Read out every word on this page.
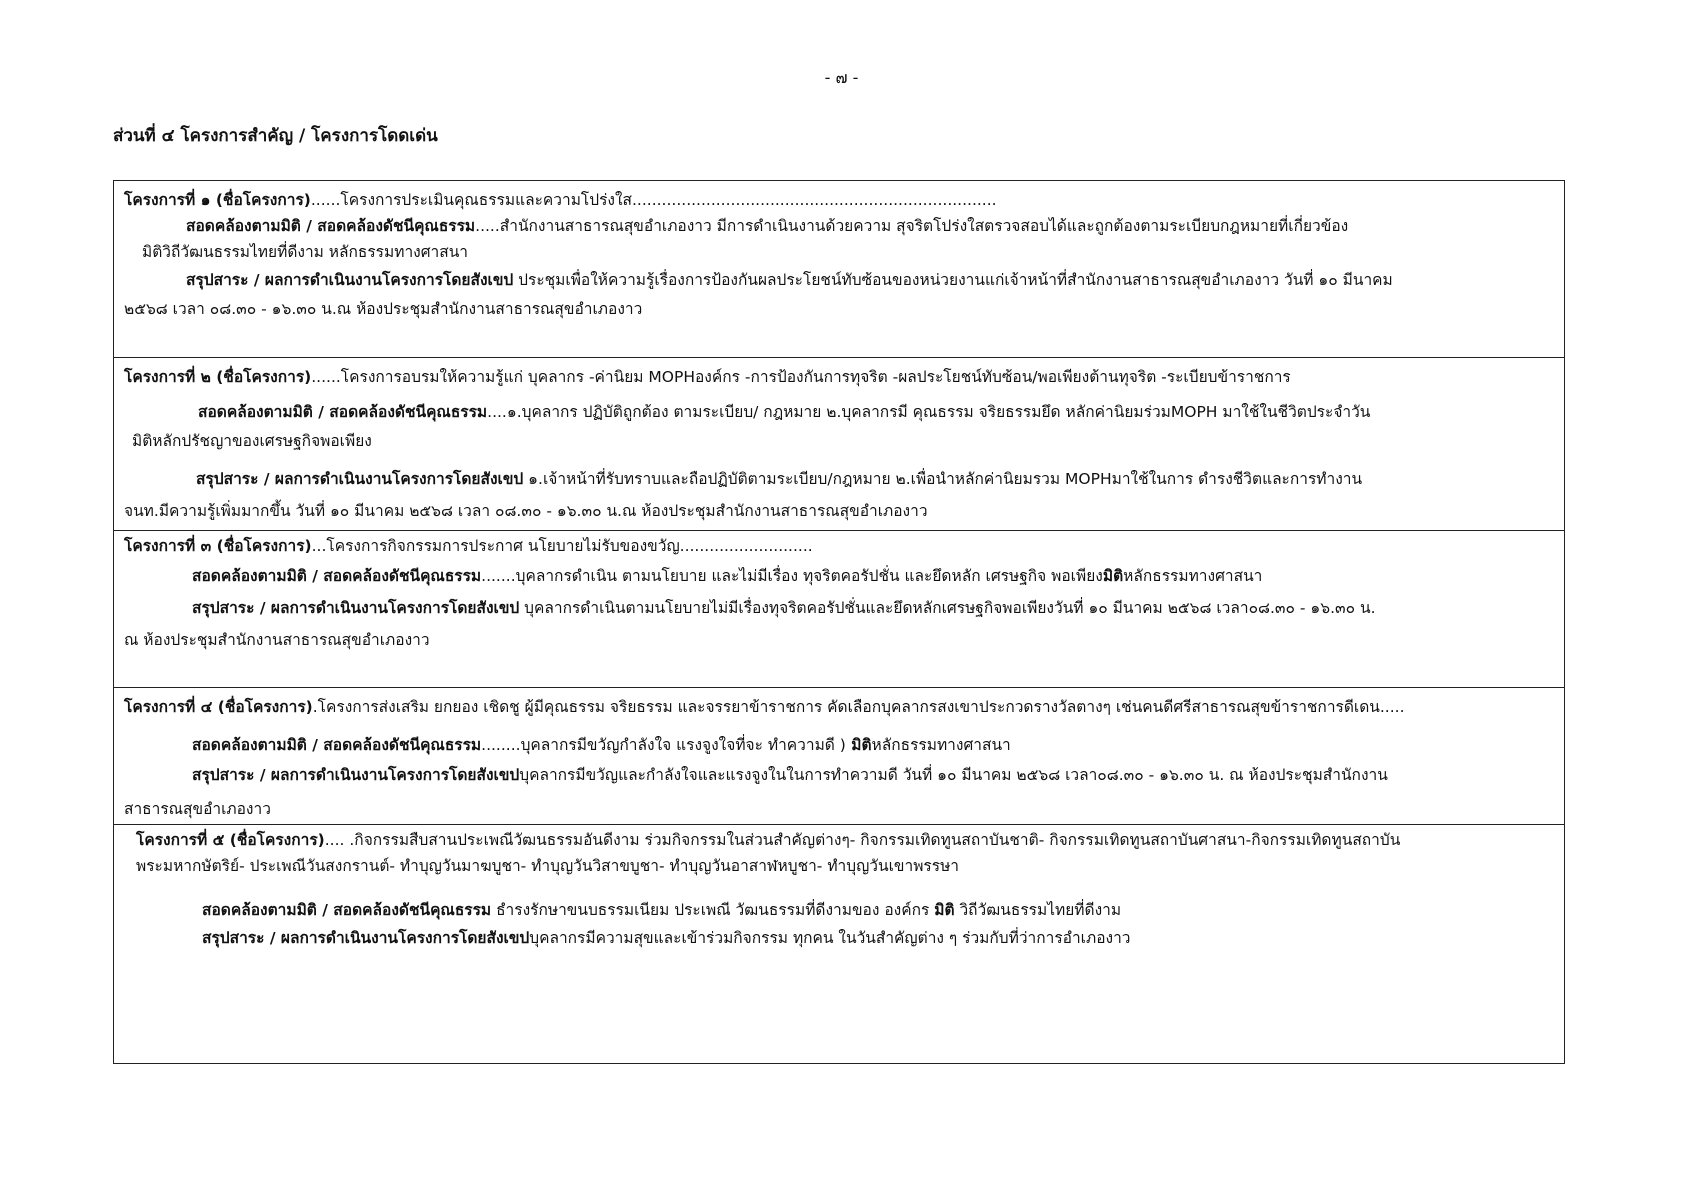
- ๗ -
ส่วนที่ ๔ โครงการสำคัญ / โครงการโดดเด่น
โครงการที่ ๑ (ชื่อโครงการ)......โครงการประเมินคุณธรรมและความโปร่งใส..........................................................................
สอดคล้องตามมิติ / สอดคล้องดัชนีคุณธรรม.....สำนักงานสาธารณสุขอำเภองาว มีการดำเนินงานด้วยความ สุจริตโปร่งใสตรวจสอบได้และถูกต้องตามระเบียบกฎหมายที่เกี่ยวข้อง
มิติวิถีวัฒนธรรมไทยที่ดีงาม หลักธรรมทางศาสนา
สรุปสาระ / ผลการดำเนินงานโครงการโดยสังเขป ประชุมเพื่อให้ความรู้เรื่องการป้องกันผลประโยชน์ทับซ้อนของหน่วยงานแก่เจ้าหน้าที่สำนักงานสาธารณสุขอำเภองาว วันที่ ๑๐ มีนาคม
๒๕๖๘ เวลา ๐๘.๓๐ - ๑๖.๓๐ น.ณ ห้องประชุมสำนักงานสาธารณสุขอำเภองาว
โครงการที่ ๒ (ชื่อโครงการ)......โครงการอบรมให้ความรู้แก่ บุคลากร -ค่านิยม MOPHองค์กร -การป้องกันการทุจริต -ผลประโยชน์ทับซ้อน/พอเพียงต้านทุจริต -ระเบียบข้าราชการ
สอดคล้องตามมิติ / สอดคล้องดัชนีคุณธรรม....๑.บุคลากร ปฏิบัติถูกต้อง ตามระเบียบ/ กฎหมาย ๒.บุคลากรมี คุณธรรม จริยธรรมยึด หลักค่านิยมร่วมMOPH มาใช้ในชีวิตประจำวัน
มิติหลักปรัชญาของเศรษฐกิจพอเพียง
สรุปสาระ / ผลการดำเนินงานโครงการโดยสังเขป ๑.เจ้าหน้าที่รับทราบและถือปฏิบัติตามระเบียบ/กฎหมาย ๒.เพื่อนำหลักค่านิยมรวม MOPHมาใช้ในการ ดำรงชีวิตและการทำงาน
จนท.มีความรู้เพิ่มมากขึ้น วันที่ ๑๐ มีนาคม ๒๕๖๘ เวลา ๐๘.๓๐ - ๑๖.๓๐ น.ณ ห้องประชุมสำนักงานสาธารณสุขอำเภองาว
โครงการที่ ๓ (ชื่อโครงการ)...โครงการกิจกรรมการประกาศ นโยบายไม่รับของขวัญ...........................
สอดคล้องตามมิติ / สอดคล้องดัชนีคุณธรรม.......บุคลากรดำเนิน ตามนโยบาย และไม่มีเรื่อง ทุจริตคอรัปชั่น และยึดหลัก เศรษฐกิจ พอเพียงมิติหลักธรรมทางศาสนา
สรุปสาระ / ผลการดำเนินงานโครงการโดยสังเขป บุคลากรดำเนินตามนโยบายไม่มีเรื่องทุจริตคอรัปชั่นและยึดหลักเศรษฐกิจพอเพียงวันที่ ๑๐ มีนาคม ๒๕๖๘ เวลา๐๘.๓๐ - ๑๖.๓๐ น.
ณ ห้องประชุมสำนักงานสาธารณสุขอำเภองาว
โครงการที่ ๔ (ชื่อโครงการ).โครงการส่งเสริม ยกยอง เชิดชู ผู้มีคุณธรรม จริยธรรม และจรรยาข้าราชการ คัดเลือกบุคลากรสงเขาประกวดรางวัลตางๆ เช่นคนดีศรีสาธารณสุขข้าราชการดีเดน.....
สอดคล้องตามมิติ / สอดคล้องดัชนีคุณธรรม........บุคลากรมีขวัญกำลังใจ แรงจูงใจที่จะ ทำความดี ) มิติหลักธรรมทางศาสนา
สรุปสาระ / ผลการดำเนินงานโครงการโดยสังเขปบุคลากรมีขวัญและกำลังใจและแรงจูงในในการทำความดี วันที่ ๑๐ มีนาคม ๒๕๖๘ เวลา๐๘.๓๐ - ๑๖.๓๐ น. ณ ห้องประชุมสำนักงาน
สาธารณสุขอำเภองาว
โครงการที่ ๕ (ชื่อโครงการ).... .กิจกรรมสืบสานประเพณีวัฒนธรรมอันดีงาม ร่วมกิจกรรมในส่วนสำคัญต่างๆ- กิจกรรมเทิดทูนสถาบันชาติ- กิจกรรมเทิดทูนสถาบันศาสนา-กิจกรรมเทิดทูนสถาบัน
พระมหากษัตริย์- ประเพณีวันสงกรานต์- ทำบุญวันมาฆบูชา- ทำบุญวันวิสาขบูชา- ทำบุญวันอาสาฬหบูชา- ทำบุญวันเขาพรรษา
สอดคล้องตามมิติ / สอดคล้องดัชนีคุณธรรม ธำรงรักษาขนบธรรมเนียม ประเพณี วัฒนธรรมที่ดีงามของ องค์กร มิติ วิถีวัฒนธรรมไทยที่ดีงาม
สรุปสาระ / ผลการดำเนินงานโครงการโดยสังเขปบุคลากรมีความสุขและเข้าร่วมกิจกรรม ทุกคน ในวันสำคัญต่าง ๆ ร่วมกับที่ว่าการอำเภองาว
